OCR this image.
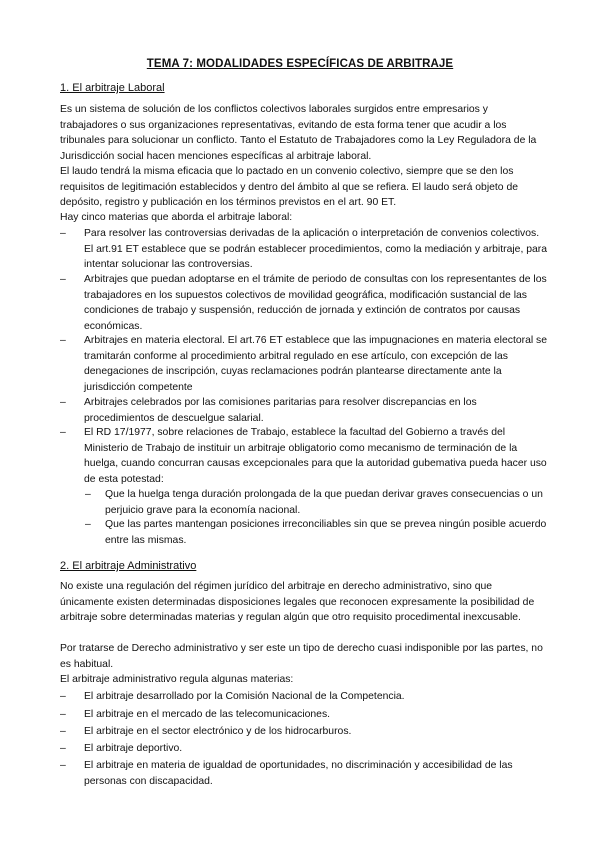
TEMA 7: MODALIDADES ESPECÍFICAS DE ARBITRAJE
1. El arbitraje Laboral

Es un sistema de solución de los conflictos colectivos laborales surgidos entre empresarios y trabajadores o sus organizaciones representativas, evitando de esta forma tener que acudir a los tribunales para solucionar un conflicto. Tanto el Estatuto de Trabajadores como la Ley Reguladora de la Jurisdicción social hacen menciones específicas al arbitraje laboral.

El laudo tendrá la misma eficacia que lo pactado en un convenio colectivo, siempre que se den los requisitos de legitimación establecidos y dentro del ámbito al que se refiera. El laudo será objeto de depósito, registro y publicación en los términos previstos en el art. 90 ET.

Hay cinco materias que aborda el arbitraje laboral:

– Para resolver las controversias derivadas de la aplicación o interpretación de convenios colectivos. El art.91 ET establece que se podrán establecer procedimientos, como la mediación y arbitraje, para intentar solucionar las controversias.
– Arbitrajes que puedan adoptarse en el trámite de periodo de consultas con los representantes de los trabajadores en los supuestos colectivos de movilidad geográfica, modificación sustancial de las condiciones de trabajo y suspensión, reducción de jornada y extinción de contratos por causas económicas.
– Arbitrajes en materia electoral. El art.76 ET establece que las impugnaciones en materia electoral se tramitarán conforme al procedimiento arbitral regulado en ese artículo, con excepción de las denegaciones de inscripción, cuyas reclamaciones podrán plantearse directamente ante la jurisdicción competente
– Arbitrajes celebrados por las comisiones paritarias para resolver discrepancias en los procedimientos de descuelgue salarial.
– El RD 17/1977, sobre relaciones de Trabajo, establece la facultad del Gobierno a través del Ministerio de Trabajo de instituir un arbitraje obligatorio como mecanismo de terminación de la huelga, cuando concurran causas excepcionales para que la autoridad gubemativa pueda hacer uso de esta potestad:
– Que la huelga tenga duración prolongada de la que puedan derivar graves consecuencias o un perjuicio grave para la economía nacional.
– Que las partes mantengan posiciones irreconciliables sin que se prevea ningún posible acuerdo entre las mismas.
2. El arbitraje Administrativo

No existe una regulación del régimen jurídico del arbitraje en derecho administrativo, sino que únicamente existen determinadas disposiciones legales que reconocen expresamente la posibilidad de arbitraje sobre determinadas materias y regulan algún que otro requisito procedimental inexcusable.

Por tratarse de Derecho administrativo y ser este un tipo de derecho cuasi indisponible por las partes, no es habitual.

El arbitraje administrativo regula algunas materias:

– El arbitraje desarrollado por la Comisión Nacional de la Competencia.
– El arbitraje en el mercado de las telecomunicaciones.
– El arbitraje en el sector electrónico y de los hidrocarburos.
– El arbitraje deportivo.
– El arbitraje en materia de igualdad de oportunidades, no discriminación y accesibilidad de las personas con discapacidad.
